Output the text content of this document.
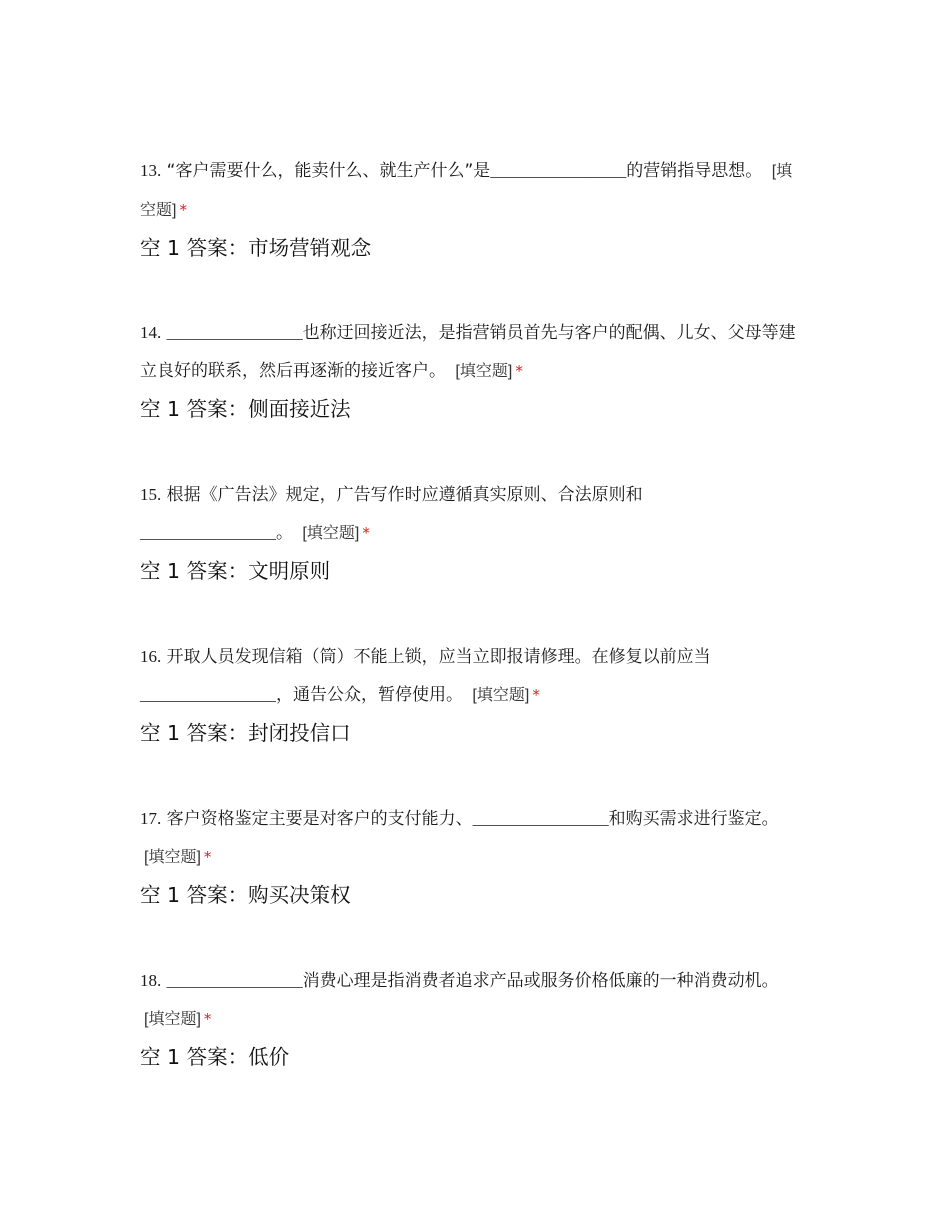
13. “客户需要什么，能卖什么、就生产什么”是________________的营销指导思想。 [填空题] *

空 1 答案：市场营销观念

14. ________________也称迂回接近法，是指营销员首先与客户的配偶、儿女、父母等建立良好的联系，然后再逐渐的接近客户。 [填空题] *

空 1 答案：侧面接近法

15. 根据《广告法》规定，广告写作时应遵循真实原则、合法原则和
________________。 [填空题] *

空 1 答案：文明原则

16. 开取人员发现信箱（筒）不能上锁，应当立即报请修理。在修复以前应当
________________，通告公众，暂停使用。 [填空题] *

空 1 答案：封闭投信口

17. 客户资格鉴定主要是对客户的支付能力、________________和购买需求进行鉴定。 [填空题] *

空 1 答案：购买决策权

18. ________________消费心理是指消费者追求产品或服务价格低廉的一种消费动机。 [填空题] *

空 1 答案：低价
